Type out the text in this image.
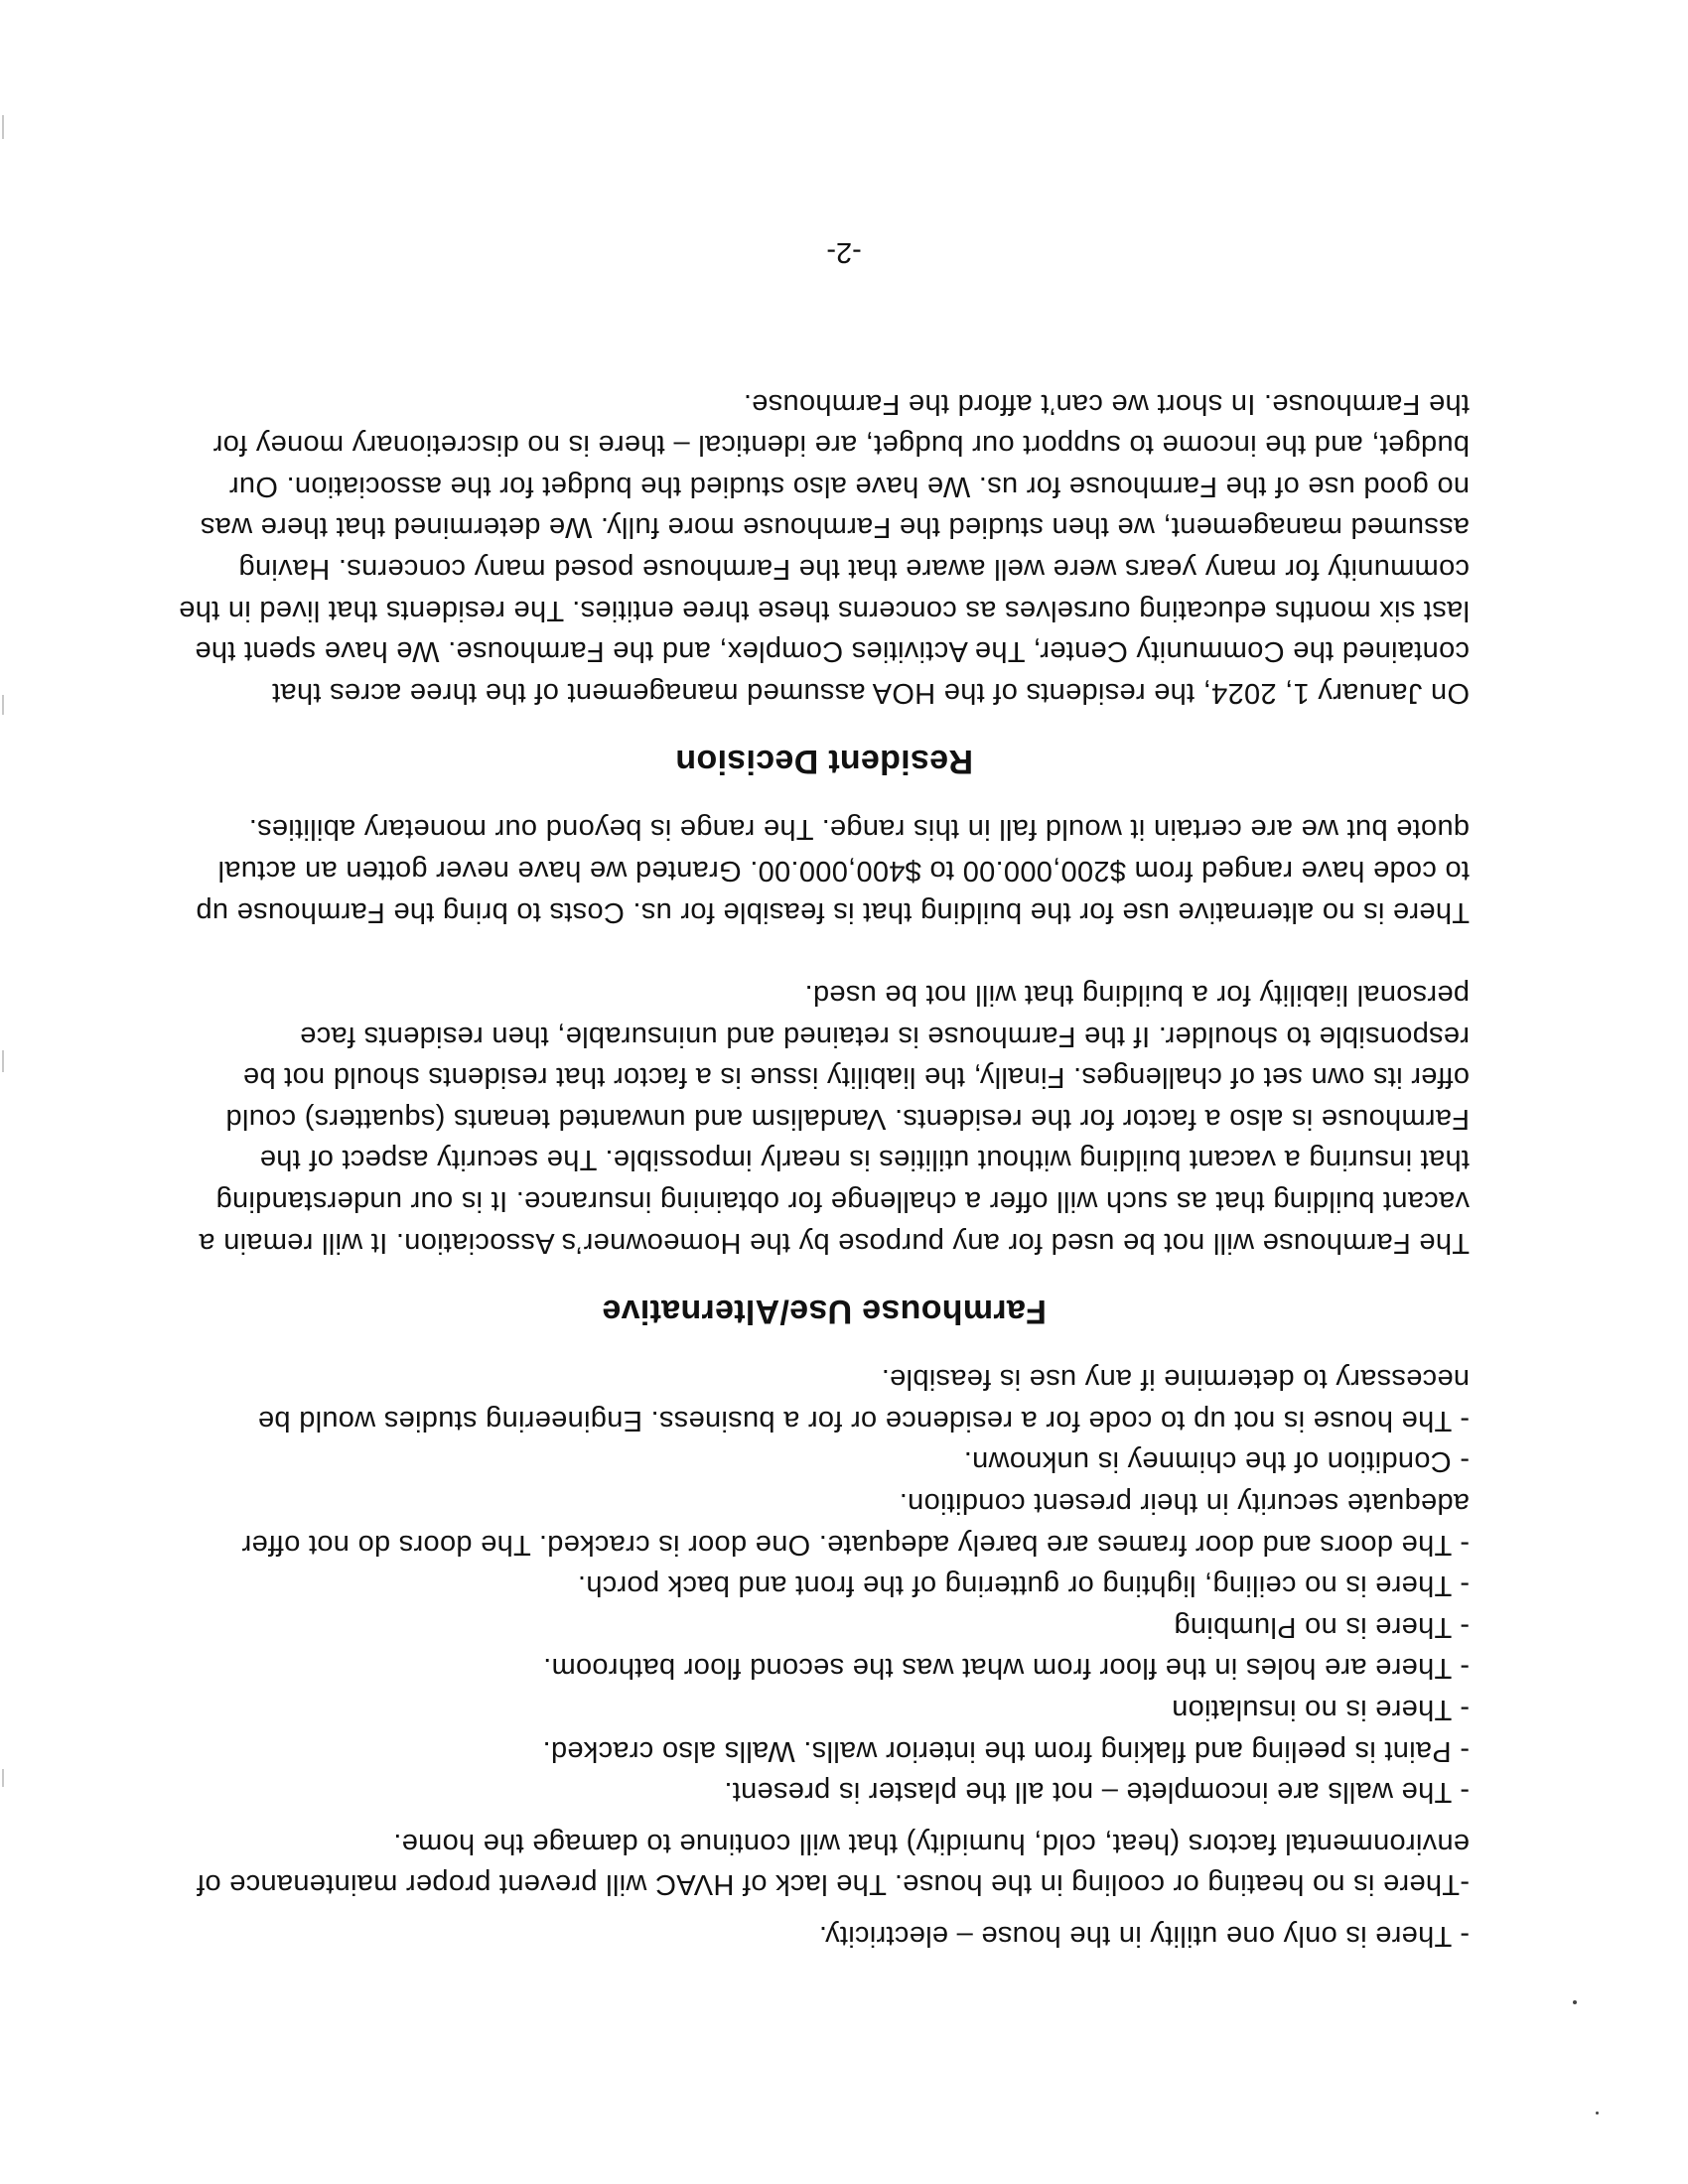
- There is only one utility in the house – electricity.

-There is no heating or cooling in the house. The lack of HVAC will prevent proper maintenance of environmental factors (heat, cold, humidity) that will continue to damage the home.

- The walls are incomplete – not all the plaster is present.

- Paint is peeling and flaking from the interior walls. Walls also cracked.

- There is no insulation

- There are holes in the floor from what was the second floor bathroom.

- There is no Plumbing

- There is no ceiling, lighting or guttering of the front and back porch.

- The doors and door frames are barely adequate. One door is cracked. The doors do not offer adequate security in their present condition.

- Condition of the chimney is unknown.

- The house is not up to code for a residence or for a business. Engineering studies would be necessary to determine if any use is feasible.

Farmhouse Use/Alternative

The Farmhouse will not be used for any purpose by the Homeowner’s Association. It will remain a vacant building that as such will offer a challenge for obtaining insurance. It is our understanding that insuring a vacant building without utilities is nearly impossible. The security aspect of the Farmhouse is also a factor for the residents. Vandalism and unwanted tenants (squatters) could offer its own set of challenges. Finally, the liability issue is a factor that residents should not be responsible to shoulder. If the Farmhouse is retained and uninsurable, then residents face personal liability for a building that will not be used.

There is no alternative use for the building that is feasible for us. Costs to bring the Farmhouse up to code have ranged from $200,000.00 to $400,000.00. Granted we have never gotten an actual quote but we are certain it would fall in this range. The range is beyond our monetary abilities.

Resident Decision

On January 1, 2024, the residents of the HOA assumed management of the three acres that contained the Community Center, The Activities Complex, and the Farmhouse. We have spent the last six months educating ourselves as concerns these three entities. The residents that lived in the community for many years were well aware that the Farmhouse posed many concerns. Having assumed management, we then studied the Farmhouse more fully. We determined that there was no good use of the Farmhouse for us. We have also studied the budget for the association. Our budget, and the income to support our budget, are identical – there is no discretionary money for the Farmhouse. In short we can’t afford the Farmhouse.

-2-
